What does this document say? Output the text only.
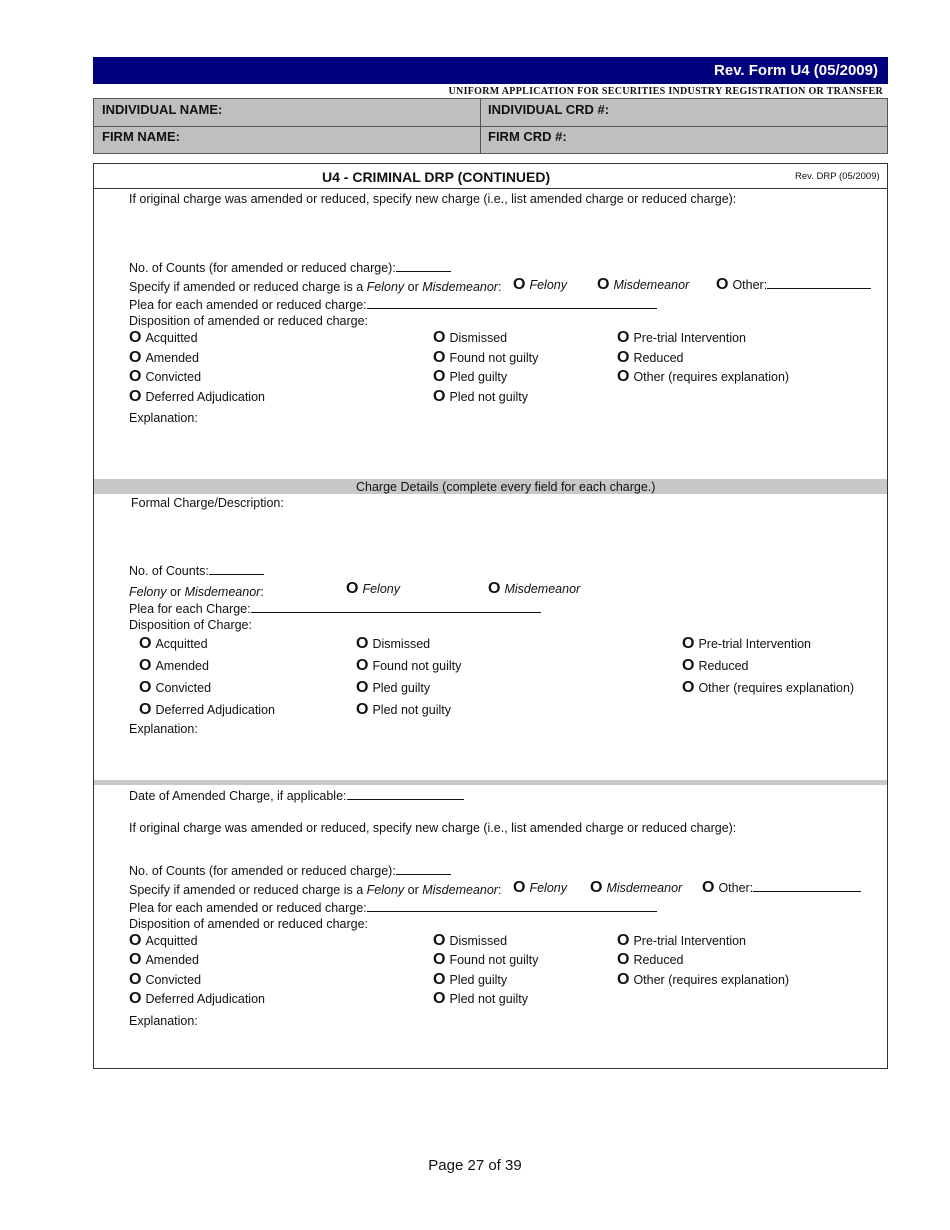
Rev. Form U4 (05/2009)
UNIFORM APPLICATION FOR SECURITIES INDUSTRY REGISTRATION OR TRANSFER
INDIVIDUAL NAME:	INDIVIDUAL CRD #:
FIRM NAME:	FIRM CRD #:
U4 - CRIMINAL DRP (CONTINUED)	Rev. DRP (05/2009)
If original charge was amended or reduced, specify new charge (i.e., list amended charge or reduced charge):
No. of Counts (for amended or reduced charge):
Specify if amended or reduced charge is a Felony or Misdemeanor: O Felony O Misdemeanor O Other:
Plea for each amended or reduced charge:
Disposition of amended or reduced charge:
O Acquitted	O Dismissed	O Pre-trial Intervention
O Amended	O Found not guilty	O Reduced
O Convicted	O Pled guilty	O Other (requires explanation)
O Deferred Adjudication	O Pled not guilty
Explanation:
Charge Details (complete every field for each charge.)
Formal Charge/Description:
No. of Counts:
Felony or Misdemeanor:	O Felony	O Misdemeanor
Plea for each Charge:
Disposition of Charge:
O Acquitted	O Dismissed	O Pre-trial Intervention
O Amended	O Found not guilty	O Reduced
O Convicted	O Pled guilty	O Other (requires explanation)
O Deferred Adjudication	O Pled not guilty
Explanation:
Date of Amended Charge, if applicable:
If original charge was amended or reduced, specify new charge (i.e., list amended charge or reduced charge):
No. of Counts (for amended or reduced charge):
Specify if amended or reduced charge is a Felony or Misdemeanor: O Felony O Misdemeanor O Other:
Plea for each amended or reduced charge:
Disposition of amended or reduced charge:
O Acquitted	O Dismissed	O Pre-trial Intervention
O Amended	O Found not guilty	O Reduced
O Convicted	O Pled guilty	O Other (requires explanation)
O Deferred Adjudication	O Pled not guilty
Explanation:
Page 27 of 39
